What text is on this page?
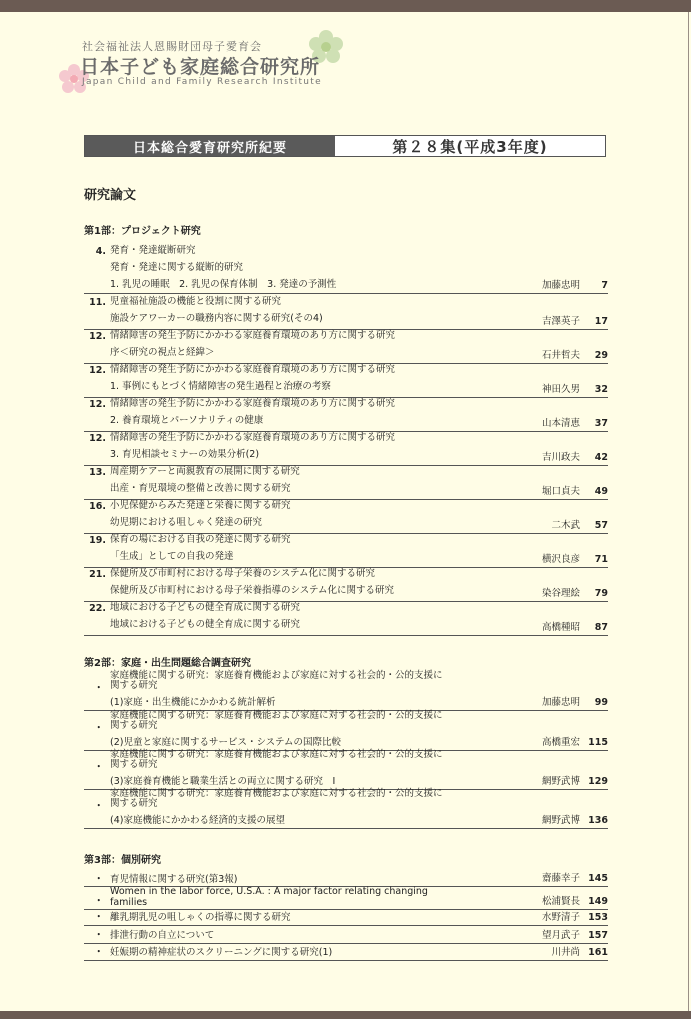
社会福祉法人恩賜財団母子愛育会
日本子ども家庭総合研究所
Japan Child and Family Research Institute
日本総合愛育研究所紀要	第２８集(平成3年度)
研究論文
第1部：プロジェクト研究
4. 発育・発達縦断研究
発育・発達に関する縦断的研究
1. 乳児の睡眠　2. 乳児の保育体制　3. 発達の予測性	加藤忠明	7
11. 児童福祉施設の機能と役割に関する研究
施設ケアワーカーの職務内容に関する研究(その4)	吉澤英子	17
12. 情緒障害の発生予防にかかわる家庭養育環境のあり方に関する研究
序＜研究の視点と経緯＞	石井哲夫	29
12. 情緒障害の発生予防にかかわる家庭養育環境のあり方に関する研究
1. 事例にもとづく情緒障害の発生過程と治療の考察	神田久男	32
12. 情緒障害の発生予防にかかわる家庭養育環境のあり方に関する研究
2. 養育環境とパーソナリティの健康	山本清恵	37
12. 情緒障害の発生予防にかかわる家庭養育環境のあり方に関する研究
3. 育児相談セミナーの効果分析(2)	吉川政夫	42
13. 周産期ケアーと両親教育の展開に関する研究
出産・育児環境の整備と改善に関する研究	堀口貞夫	49
16. 小児保健からみた発達と栄養に関する研究
幼児期における咀しゃく発達の研究	二木武	57
19. 保育の場における自我の発達に関する研究
「生成」としての自我の発達	横沢良彦	71
21. 保健所及び市町村における母子栄養のシステム化に関する研究
保健所及び市町村における母子栄養指導のシステム化に関する研究	染谷理絵	79
22. 地域における子どもの健全育成に関する研究
地域における子どもの健全育成に関する研究	高橋種昭	87
第2部：家庭・出生問題総合調査研究
・
家庭機能に関する研究：家庭養育機能および家庭に対する社会的・公的支援に
関する研究
(1)家庭・出生機能にかかわる統計解析	加藤忠明	99
・
家庭機能に関する研究：家庭養育機能および家庭に対する社会的・公的支援に
関する研究
(2)児童と家庭に関するサービス・システムの国際比較	高橋重宏 115
・
家庭機能に関する研究：家庭養育機能および家庭に対する社会的・公的支援に
関する研究
(3)家庭養育機能と職業生活との両立に関する研究　I	網野武博 129
・
家庭機能に関する研究：家庭養育機能および家庭に対する社会的・公的支援に
関する研究
(4)家庭機能にかかわる経済的支援の展望	網野武博 136
第3部：個別研究
・ 育児情報に関する研究(第3報)	齋藤幸子 145
・
Women in the labor force, U.S.A. : A major factor relating changing
families	松浦賢長 149
・ 離乳期乳児の咀しゃくの指導に関する研究	水野清子 153
・ 排泄行動の自立について	望月武子 157
・ 妊娠期の精神症状のスクリーニングに関する研究(1)	川井尚 161
